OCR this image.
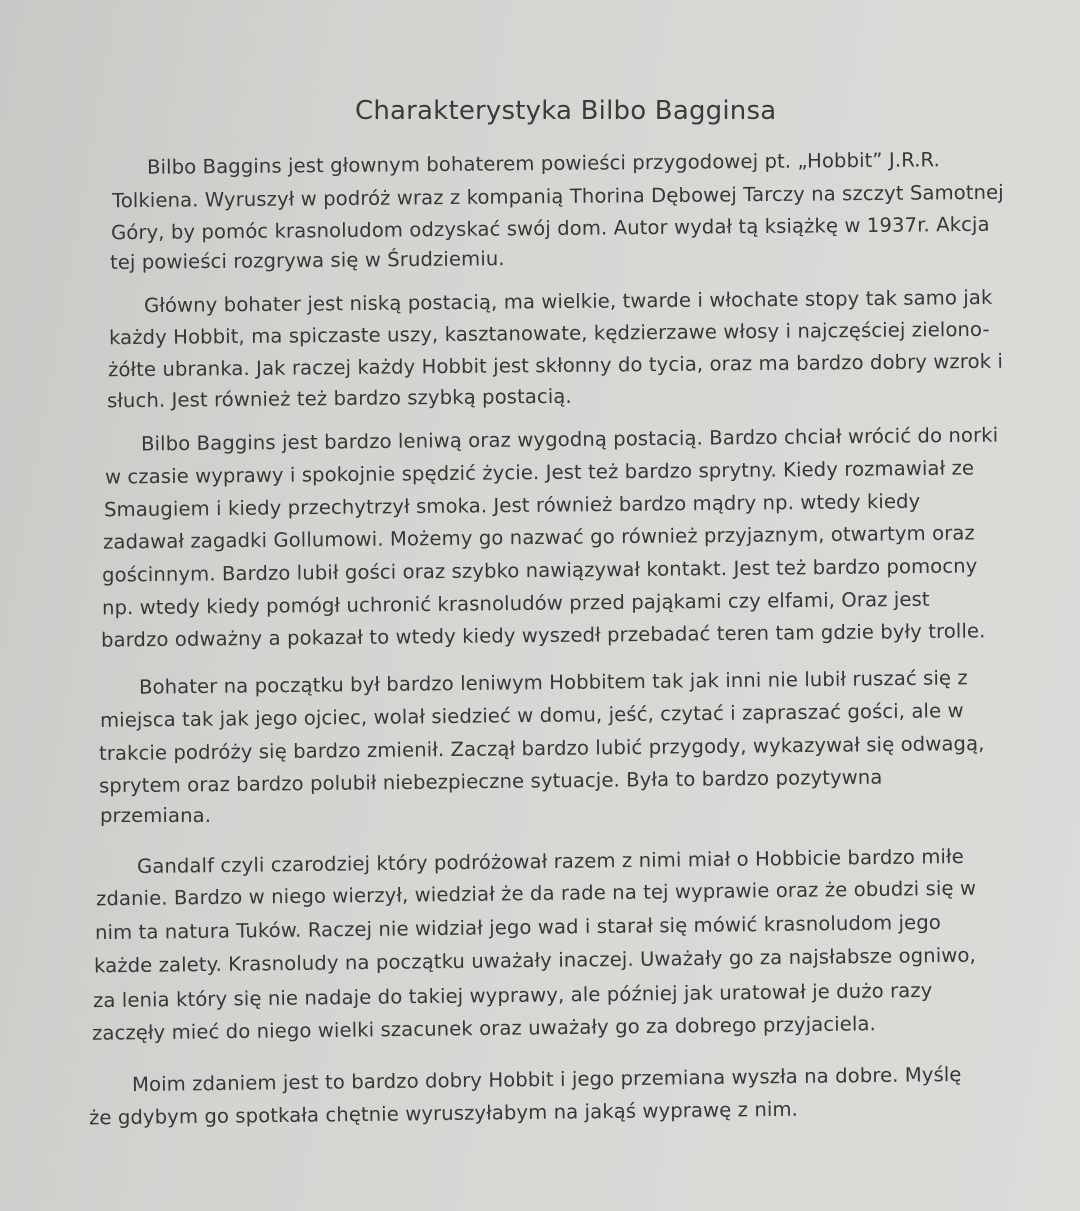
Charakterystyka Bilbo Bagginsa
Bilbo Baggins jest głownym bohaterem powieści przygodowej pt. „Hobbit” J.R.R.
Tolkiena. Wyruszył w podróż wraz z kompanią Thorina Dębowej Tarczy na szczyt Samotnej
Góry, by pomóc krasnoludom odzyskać swój dom. Autor wydał tą książkę w 1937r. Akcja
tej powieści rozgrywa się w Śrudziemiu.
Główny bohater jest niską postacią, ma wielkie, twarde i włochate stopy tak samo jak
każdy Hobbit, ma spiczaste uszy, kasztanowate, kędzierzawe włosy i najczęściej zielono-
żółte ubranka. Jak raczej każdy Hobbit jest skłonny do tycia, oraz ma bardzo dobry wzrok i
słuch. Jest również też bardzo szybką postacią.
Bilbo Baggins jest bardzo leniwą oraz wygodną postacią. Bardzo chciał wrócić do norki
w czasie wyprawy i spokojnie spędzić życie. Jest też bardzo sprytny. Kiedy rozmawiał ze
Smaugiem i kiedy przechytrzył smoka. Jest również bardzo mądry np. wtedy kiedy
zadawał zagadki Gollumowi. Możemy go nazwać go również przyjaznym, otwartym oraz
gościnnym. Bardzo lubił gości oraz szybko nawiązywał kontakt. Jest też bardzo pomocny
np. wtedy kiedy pomógł uchronić krasnoludów przed pająkami czy elfami, Oraz jest
bardzo odważny a pokazał to wtedy kiedy wyszedł przebadać teren tam gdzie były trolle.
Bohater na początku był bardzo leniwym Hobbitem tak jak inni nie lubił ruszać się z
miejsca tak jak jego ojciec, wolał siedzieć w domu, jeść, czytać i zapraszać gości, ale w
trakcie podróży się bardzo zmienił. Zaczął bardzo lubić przygody, wykazywał się odwagą,
sprytem oraz bardzo polubił niebezpieczne sytuacje. Była to bardzo pozytywna
przemiana.
Gandalf czyli czarodziej który podróżował razem z nimi miał o Hobbicie bardzo miłe
zdanie. Bardzo w niego wierzył, wiedział że da rade na tej wyprawie oraz że obudzi się w
nim ta natura Tuków. Raczej nie widział jego wad i starał się mówić krasnoludom jego
każde zalety. Krasnoludy na początku uważały inaczej. Uważały go za najsłabsze ogniwo,
za lenia który się nie nadaje do takiej wyprawy, ale później jak uratował je dużo razy
zaczęły mieć do niego wielki szacunek oraz uważały go za dobrego przyjaciela.
Moim zdaniem jest to bardzo dobry Hobbit i jego przemiana wyszła na dobre. Myślę
że gdybym go spotkała chętnie wyruszyłabym na jakąś wyprawę z nim.
